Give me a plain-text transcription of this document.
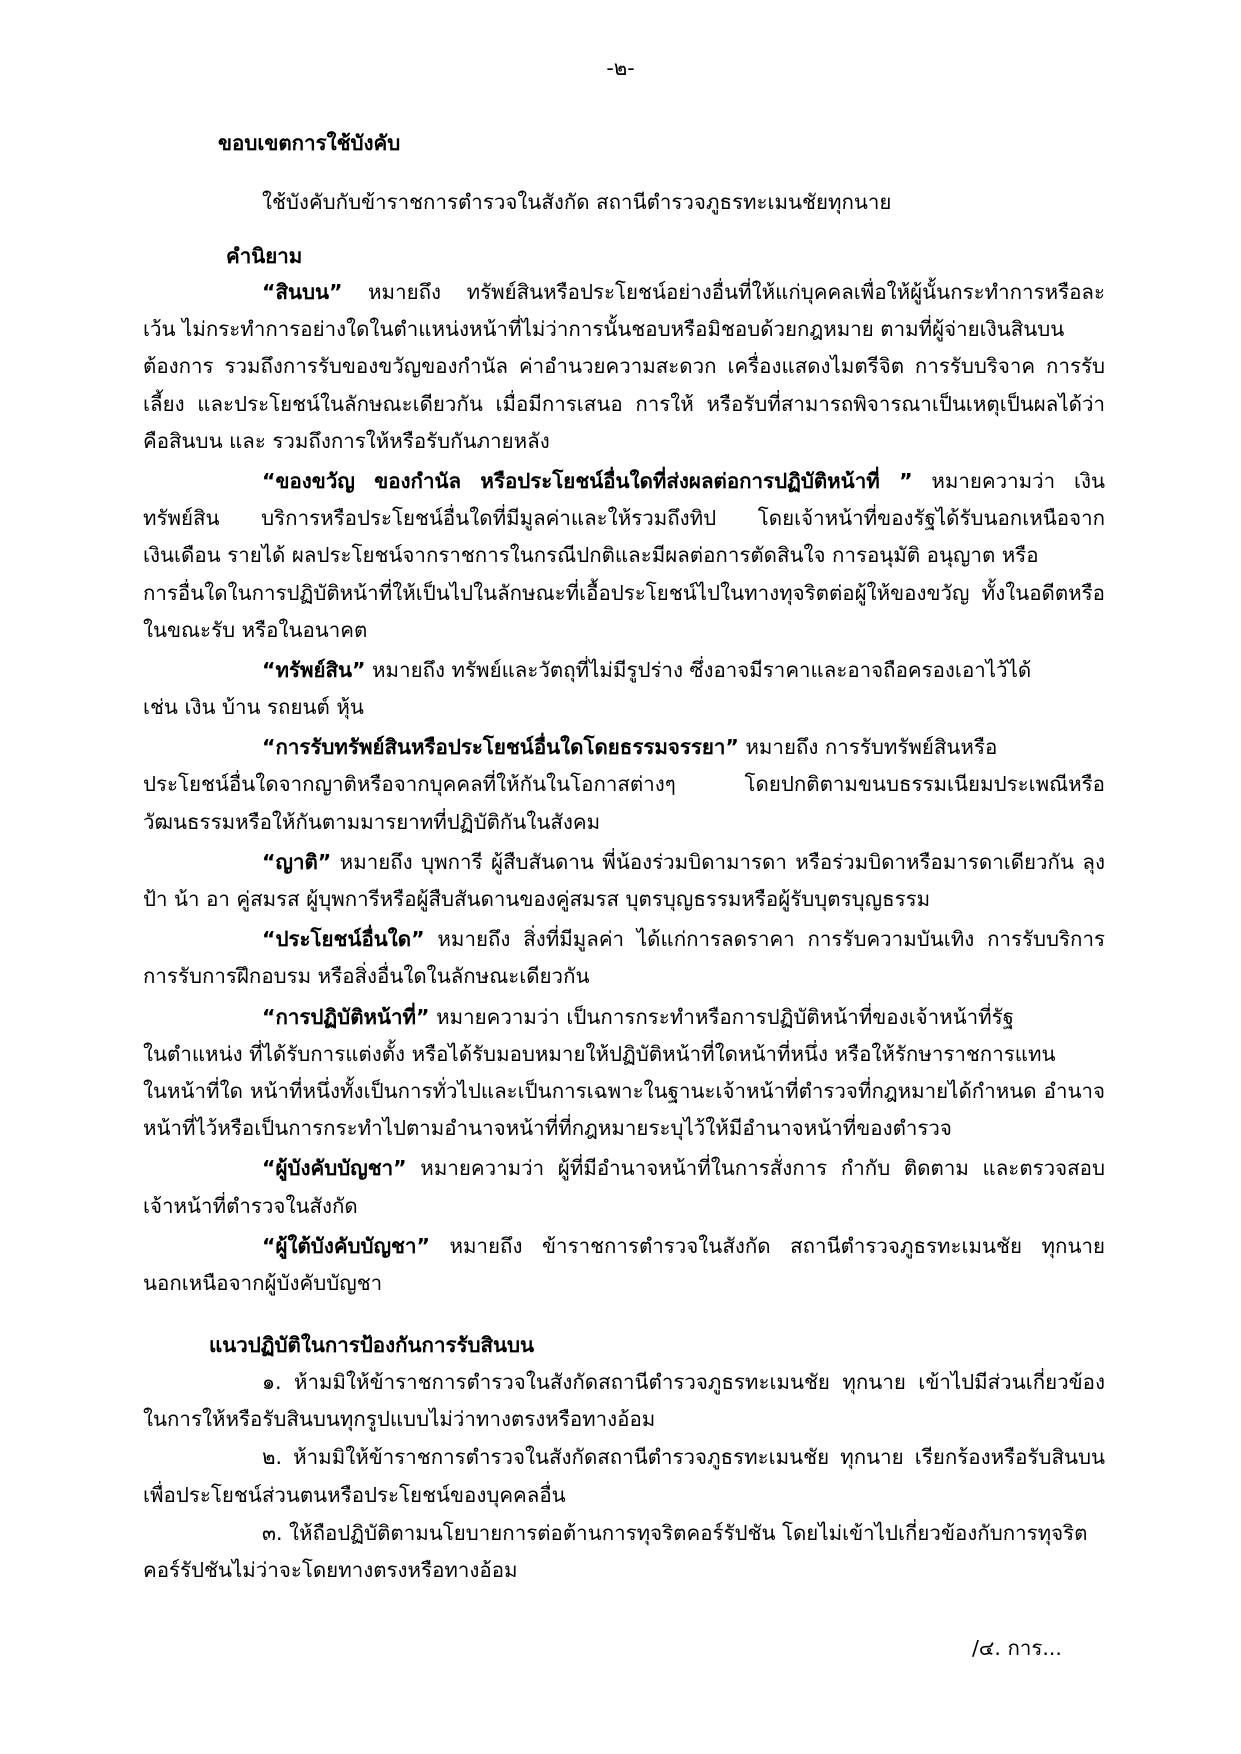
-๒-
ขอบเขตการใช้บังคับ
ใช้บังคับกับข้าราชการตำรวจในสังกัด สถานีตำรวจภูธรทะเมนชัยทุกนาย
คำนิยาม
“สินบน” หมายถึง ทรัพย์สินหรือประโยชน์อย่างอื่นที่ให้แก่บุคคลเพื่อให้ผู้นั้นกระทำการหรือละ
เว้น ไม่กระทำการอย่างใดในตำแหน่งหน้าที่ไม่ว่าการนั้นชอบหรือมิชอบด้วยกฎหมาย ตามที่ผู้จ่ายเงินสินบน
ต้องการ รวมถึงการรับของขวัญของกำนัล ค่าอำนวยความสะดวก เครื่องแสดงไมตรีจิต การรับบริจาค การรับ
เลี้ยง และประโยชน์ในลักษณะเดียวกัน เมื่อมีการเสนอ การให้ หรือรับที่สามารถพิจารณาเป็นเหตุเป็นผลได้ว่า
คือสินบน และ รวมถึงการให้หรือรับกันภายหลัง
“ของขวัญ ของกำนัล หรือประโยชน์อื่นใดที่ส่งผลต่อการปฏิบัติหน้าที่ ” หมายความว่า เงิน
ทรัพย์สิน บริการหรือประโยชน์อื่นใดที่มีมูลค่าและให้รวมถึงทิป โดยเจ้าหน้าที่ของรัฐได้รับนอกเหนือจาก
เงินเดือน รายได้ ผลประโยชน์จากราชการในกรณีปกติและมีผลต่อการตัดสินใจ การอนุมัติ อนุญาต หรือ
การอื่นใดในการปฏิบัติหน้าที่ให้เป็นไปในลักษณะที่เอื้อประโยชน์ไปในทางทุจริตต่อผู้ให้ของขวัญ ทั้งในอดีตหรือ
ในขณะรับ หรือในอนาคต
“ทรัพย์สิน” หมายถึง ทรัพย์และวัตถุที่ไม่มีรูปร่าง ซึ่งอาจมีราคาและอาจถือครองเอาไว้ได้
เช่น เงิน บ้าน รถยนต์ หุ้น
“การรับทรัพย์สินหรือประโยชน์อื่นใดโดยธรรมจรรยา” หมายถึง การรับทรัพย์สินหรือ
ประโยชน์อื่นใดจากญาติหรือจากบุคคลที่ให้กันในโอกาสต่างๆ โดยปกติตามขนบธรรมเนียมประเพณีหรือ
วัฒนธรรมหรือให้กันตามมารยาทที่ปฏิบัติกันในสังคม
“ญาติ” หมายถึง บุพการี ผู้สืบสันดาน พี่น้องร่วมบิดามารดา หรือร่วมบิดาหรือมารดาเดียวกัน ลุง
ป้า น้า อา คู่สมรส ผู้บุพการีหรือผู้สืบสันดานของคู่สมรส บุตรบุญธรรมหรือผู้รับบุตรบุญธรรม
“ประโยชน์อื่นใด” หมายถึง สิ่งที่มีมูลค่า ได้แก่การลดราคา การรับความบันเทิง การรับบริการ
การรับการฝึกอบรม หรือสิ่งอื่นใดในลักษณะเดียวกัน
“การปฏิบัติหน้าที่” หมายความว่า เป็นการกระทำหรือการปฏิบัติหน้าที่ของเจ้าหน้าที่รัฐ
ในตำแหน่ง ที่ได้รับการแต่งตั้ง หรือได้รับมอบหมายให้ปฏิบัติหน้าที่ใดหน้าที่หนึ่ง หรือให้รักษาราชการแทน
ในหน้าที่ใด หน้าที่หนึ่งทั้งเป็นการทั่วไปและเป็นการเฉพาะในฐานะเจ้าหน้าที่ตำรวจที่กฎหมายได้กำหนด อำนาจ
หน้าที่ไว้หรือเป็นการกระทำไปตามอำนาจหน้าที่ที่กฎหมายระบุไว้ให้มีอำนาจหน้าที่ของตำรวจ
“ผู้บังคับบัญชา” หมายความว่า ผู้ที่มีอำนาจหน้าที่ในการสั่งการ กำกับ ติดตาม และตรวจสอบ
เจ้าหน้าที่ตำรวจในสังกัด
“ผู้ใต้บังคับบัญชา” หมายถึง ข้าราชการตำรวจในสังกัด สถานีตำรวจภูธรทะเมนชัย ทุกนาย
นอกเหนือจากผู้บังคับบัญชา
แนวปฏิบัติในการป้องกันการรับสินบน
๑. ห้ามมิให้ข้าราชการตำรวจในสังกัดสถานีตำรวจภูธรทะเมนชัย ทุกนาย เข้าไปมีส่วนเกี่ยวข้อง
ในการให้หรือรับสินบนทุกรูปแบบไม่ว่าทางตรงหรือทางอ้อม
๒. ห้ามมิให้ข้าราชการตำรวจในสังกัดสถานีตำรวจภูธรทะเมนชัย ทุกนาย เรียกร้องหรือรับสินบน
เพื่อประโยชน์ส่วนตนหรือประโยชน์ของบุคคลอื่น
๓. ให้ถือปฏิบัติตามนโยบายการต่อต้านการทุจริตคอร์รัปชัน โดยไม่เข้าไปเกี่ยวข้องกับการทุจริต
คอร์รัปชันไม่ว่าจะโดยทางตรงหรือทางอ้อม
/๔. การ...
